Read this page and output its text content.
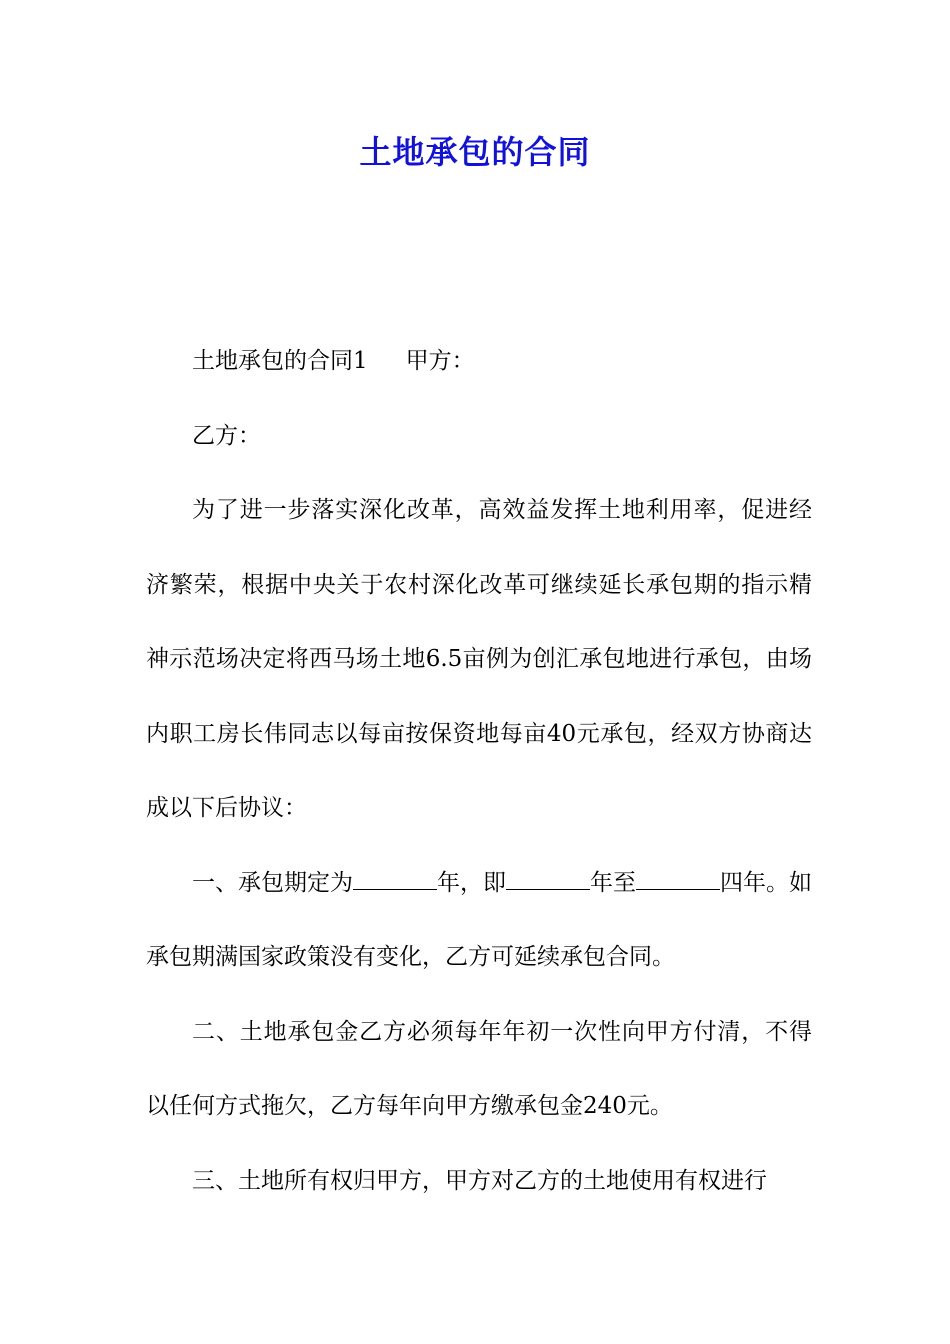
土地承包的合同

土地承包的合同1 甲方：

乙方：

为了进一步落实深化改革，高效益发挥土地利用率，促进经济繁荣，根据中央关于农村深化改革可继续延长承包期的指示精神示范场决定将西马场土地6.5亩例为创汇承包地进行承包，由场内职工房长伟同志以每亩按保资地每亩40元承包，经双方协商达成以下后协议：

一、承包期定为	年，即	年至	四年。如承包期满国家政策没有变化，乙方可延续承包合同。

二、土地承包金乙方必须每年年初一次性向甲方付清，不得以任何方式拖欠，乙方每年向甲方缴承包金240元。

三、土地所有权归甲方，甲方对乙方的土地使用有权进行
